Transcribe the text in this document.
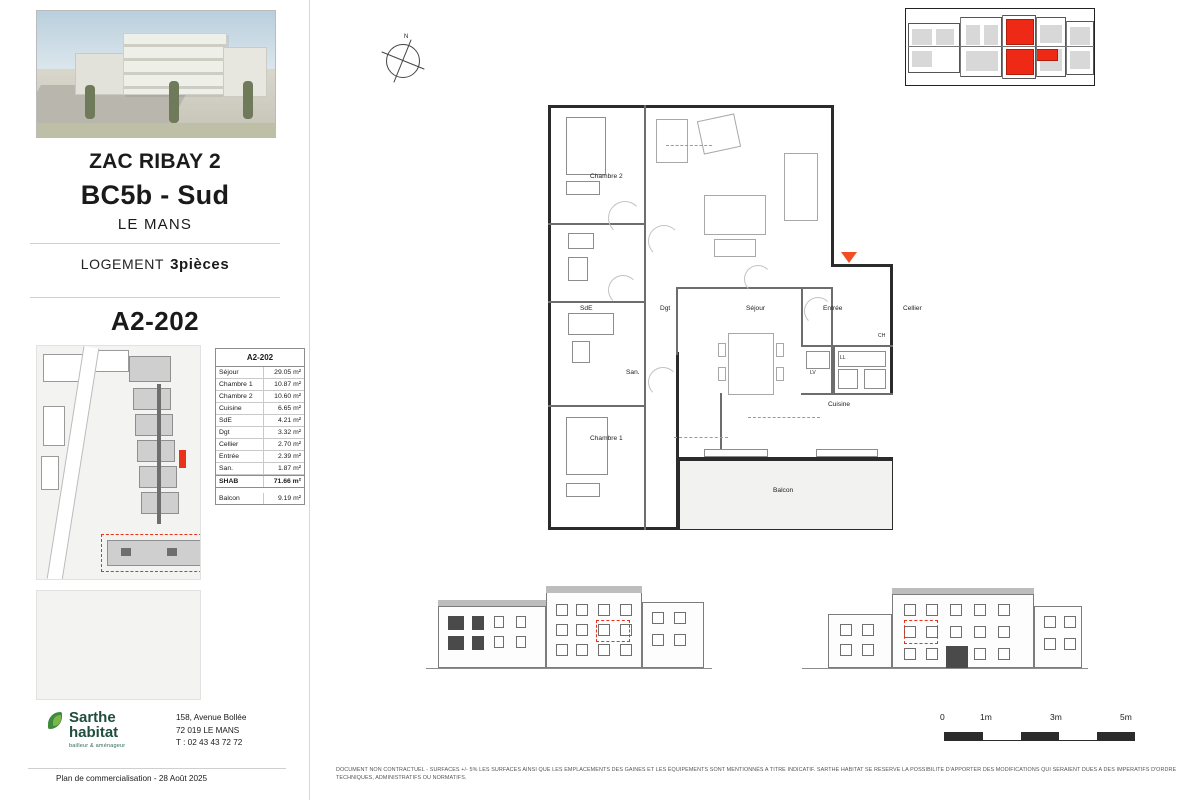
ZAC RIBAY 2
BC5b - Sud
LE MANS
LOGEMENT 3pièces
A2-202
A2-202
Séjour	29.05 m²
Chambre 1	10.87 m²
Chambre 2	10.60 m²
Cuisine	6.65 m²
SdE	4.21 m²
Dgt	3.32 m²
Cellier	2.70 m²
Entrée	2.39 m²
San.	1.87 m²
SHAB	71.66 m²
Balcon	9.19 m²
Sarthe
habitat
bailleur & aménageur
158, Avenue Bollée
72 019 LE MANS
T : 02 43 43 72 72
Plan de commercialisation - 28 Août 2025
N
Chambre 2
SdE	Dgt	Séjour	Entrée	Cellier
San.
Cuisine
Chambre 1
Balcon
LV
LL
CH
0	1m	3m	5m
DOCUMENT NON CONTRACTUEL - SURFACES +/- 5% LES SURFACES AINSI QUE LES EMPLACEMENTS DES GAINES ET LES ÉQUIPEMENTS SONT MENTIONNÉS A TITRE INDICATIF. SARTHE HABITAT SE RESERVE LA POSSIBILITE D'APPORTER DES MODIFICATIONS QUI SERAIENT DUES A DES IMPERATIFS D'ORDRE TECHNIQUES, ADMINISTRATIFS OU NORMATIFS.
